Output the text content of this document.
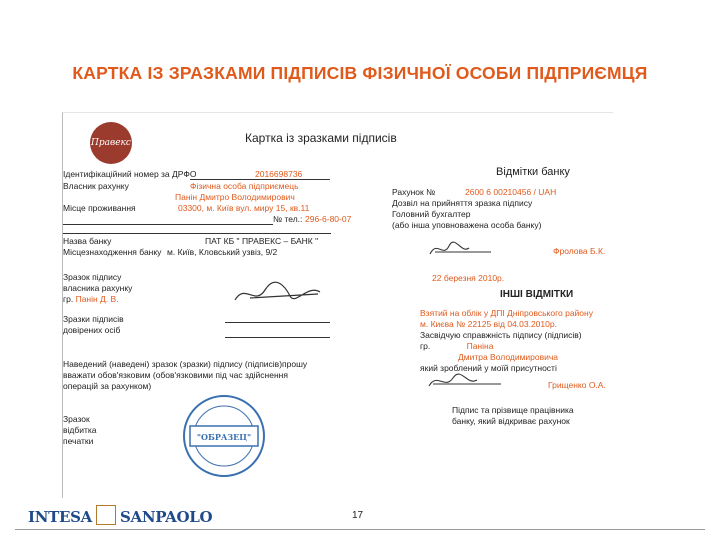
КАРТКА ІЗ ЗРАЗКАМИ ПІДПИСІВ ФІЗИЧНОЇ ОСОБИ ПІДПРИЄМЦЯ
Правекс	Картка із зразками підписів
Ідентифікаційний номер за ДРФО	2016698736
Власник рахунку	Фізична особа підприємець
Панін Дмитро Володимирович
Місце проживання	03300, м. Київ вул. миру 15, кв.11
№ тел.: 296-6-80-07
Назва банку	ПАТ КБ " ПРАВЕКС – БАНК "
Місцезнаходження банку м. Київ, Кловський узвіз, 9/2
Зразок підпису
власника рахунку
гр. Панін Д. В.
Зразки підписів
довірених осіб
Наведений (наведені) зразок (зразки) підпису (підписів)прошу
вважати обов'язковим (обов'язковими під час здійснення
операцій за рахунком)
Зразок
відбитка
печатки	"ОБРАЗЕЦ"
Відмітки банку
Рахунок №	2600 6 00210456 / UAH
Дозвіл на прийняття зразка підпису
Головний бухгалтер
(або інша уповноважена особа банку)
Фролова Б.К.
22 березня 2010р.
ІНШІ ВІДМІТКИ
Взятий на облік у ДПІ Дніпровського району
м. Києва № 22125 від 04.03.2010р.
Засвідчую справжність підпису (підписів)
гр.	Паніна
Дмитра Володимировича
який зроблений у моїй присутності
Грищенко О.А.
Підпис та прізвище працівника
банку, який відкриває рахунок
INTESA SANPAOLO	17
